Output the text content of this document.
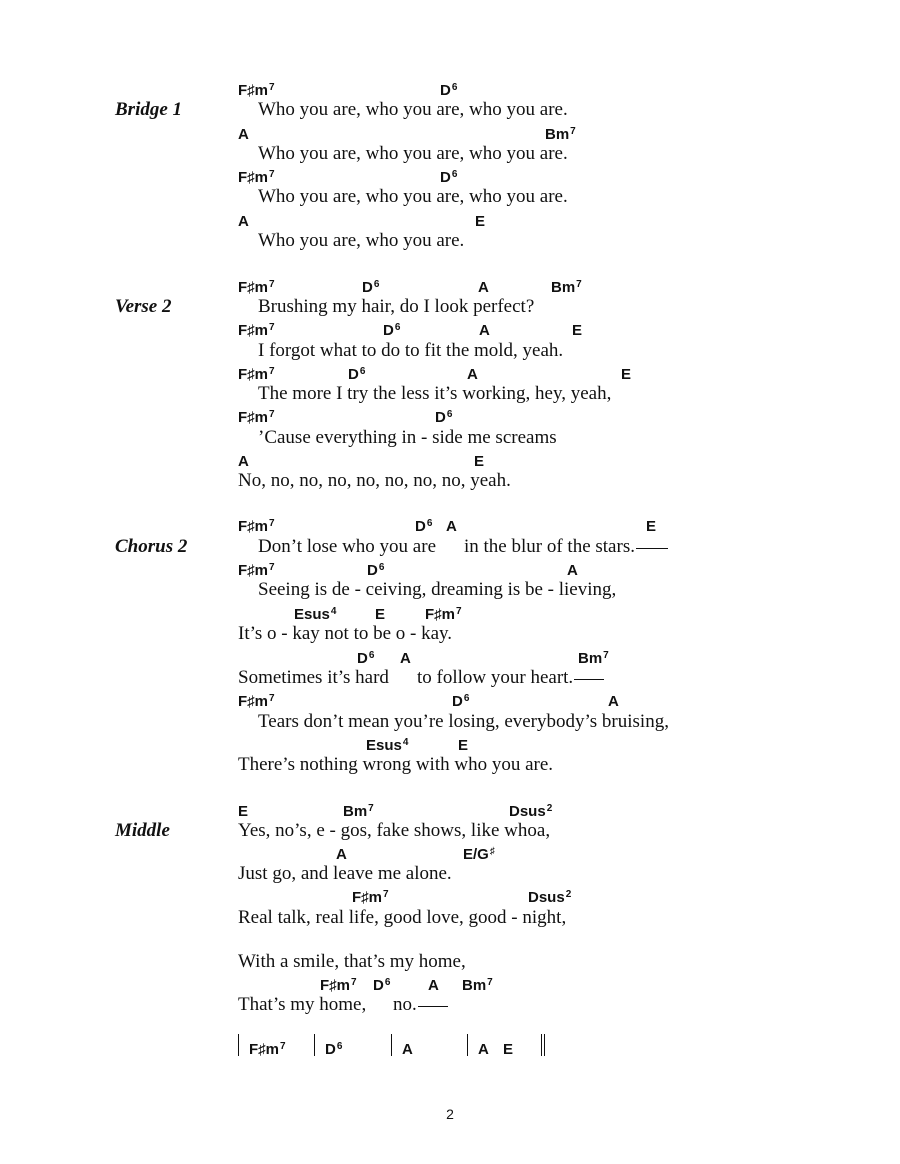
Bridge 1
$F♯m^7$	$D^6$
Who you are, who you are, who you are.
A	Bm$^7$
Who you are, who you are, who you are.
$F♯m^7$	$D^6$
Who you are, who you are, who you are.
A	E
Who you are, who you are.
Verse 2
$F♯m^7$	$D^6$	A	Bm$^7$
Brushing my hair, do I look perfect?
$F♯m^7$	$D^6$	A	E
I forgot what to do to fit the mold, yeah.
$F♯m^7$	$D^6$	A	E
The more I try the less it’s working, hey, yeah,
$F♯m^7$	$D^6$
’Cause everything in - side me screams
A	E
No, no, no, no, no, no, no, no, yeah.
Chorus 2
$F♯m^7$	$D^6$ A	E
Don’t lose who you are in the blur of the stars.
$F♯m^7$	$D^6$	A
Seeing is de - ceiving, dreaming is be - lieving,
Esus$^4$	E	$F♯m^7$
It’s o - kay not to be o - kay.
$D^6$ A	Bm$^7$
Sometimes it’s hard to follow your heart.
$F♯m^7$	$D^6$	A
Tears don’t mean you’re losing, everybody’s bruising,
Esus$^4$	E
There’s nothing wrong with who you are.
Middle
E	Bm$^7$	Dsus$^2$
Yes, no’s, e - gos, fake shows, like whoa,
A	E/G♯
Just go, and leave me alone.
$F♯m^7$	Dsus$^2$
Real talk, real life, good love, good - night,
With a smile, that’s my home,
$F♯m^7$ $D^6$	A Bm$^7$
That’s my home, no.
$F♯m^7$	$D^6$	A	A E
2
